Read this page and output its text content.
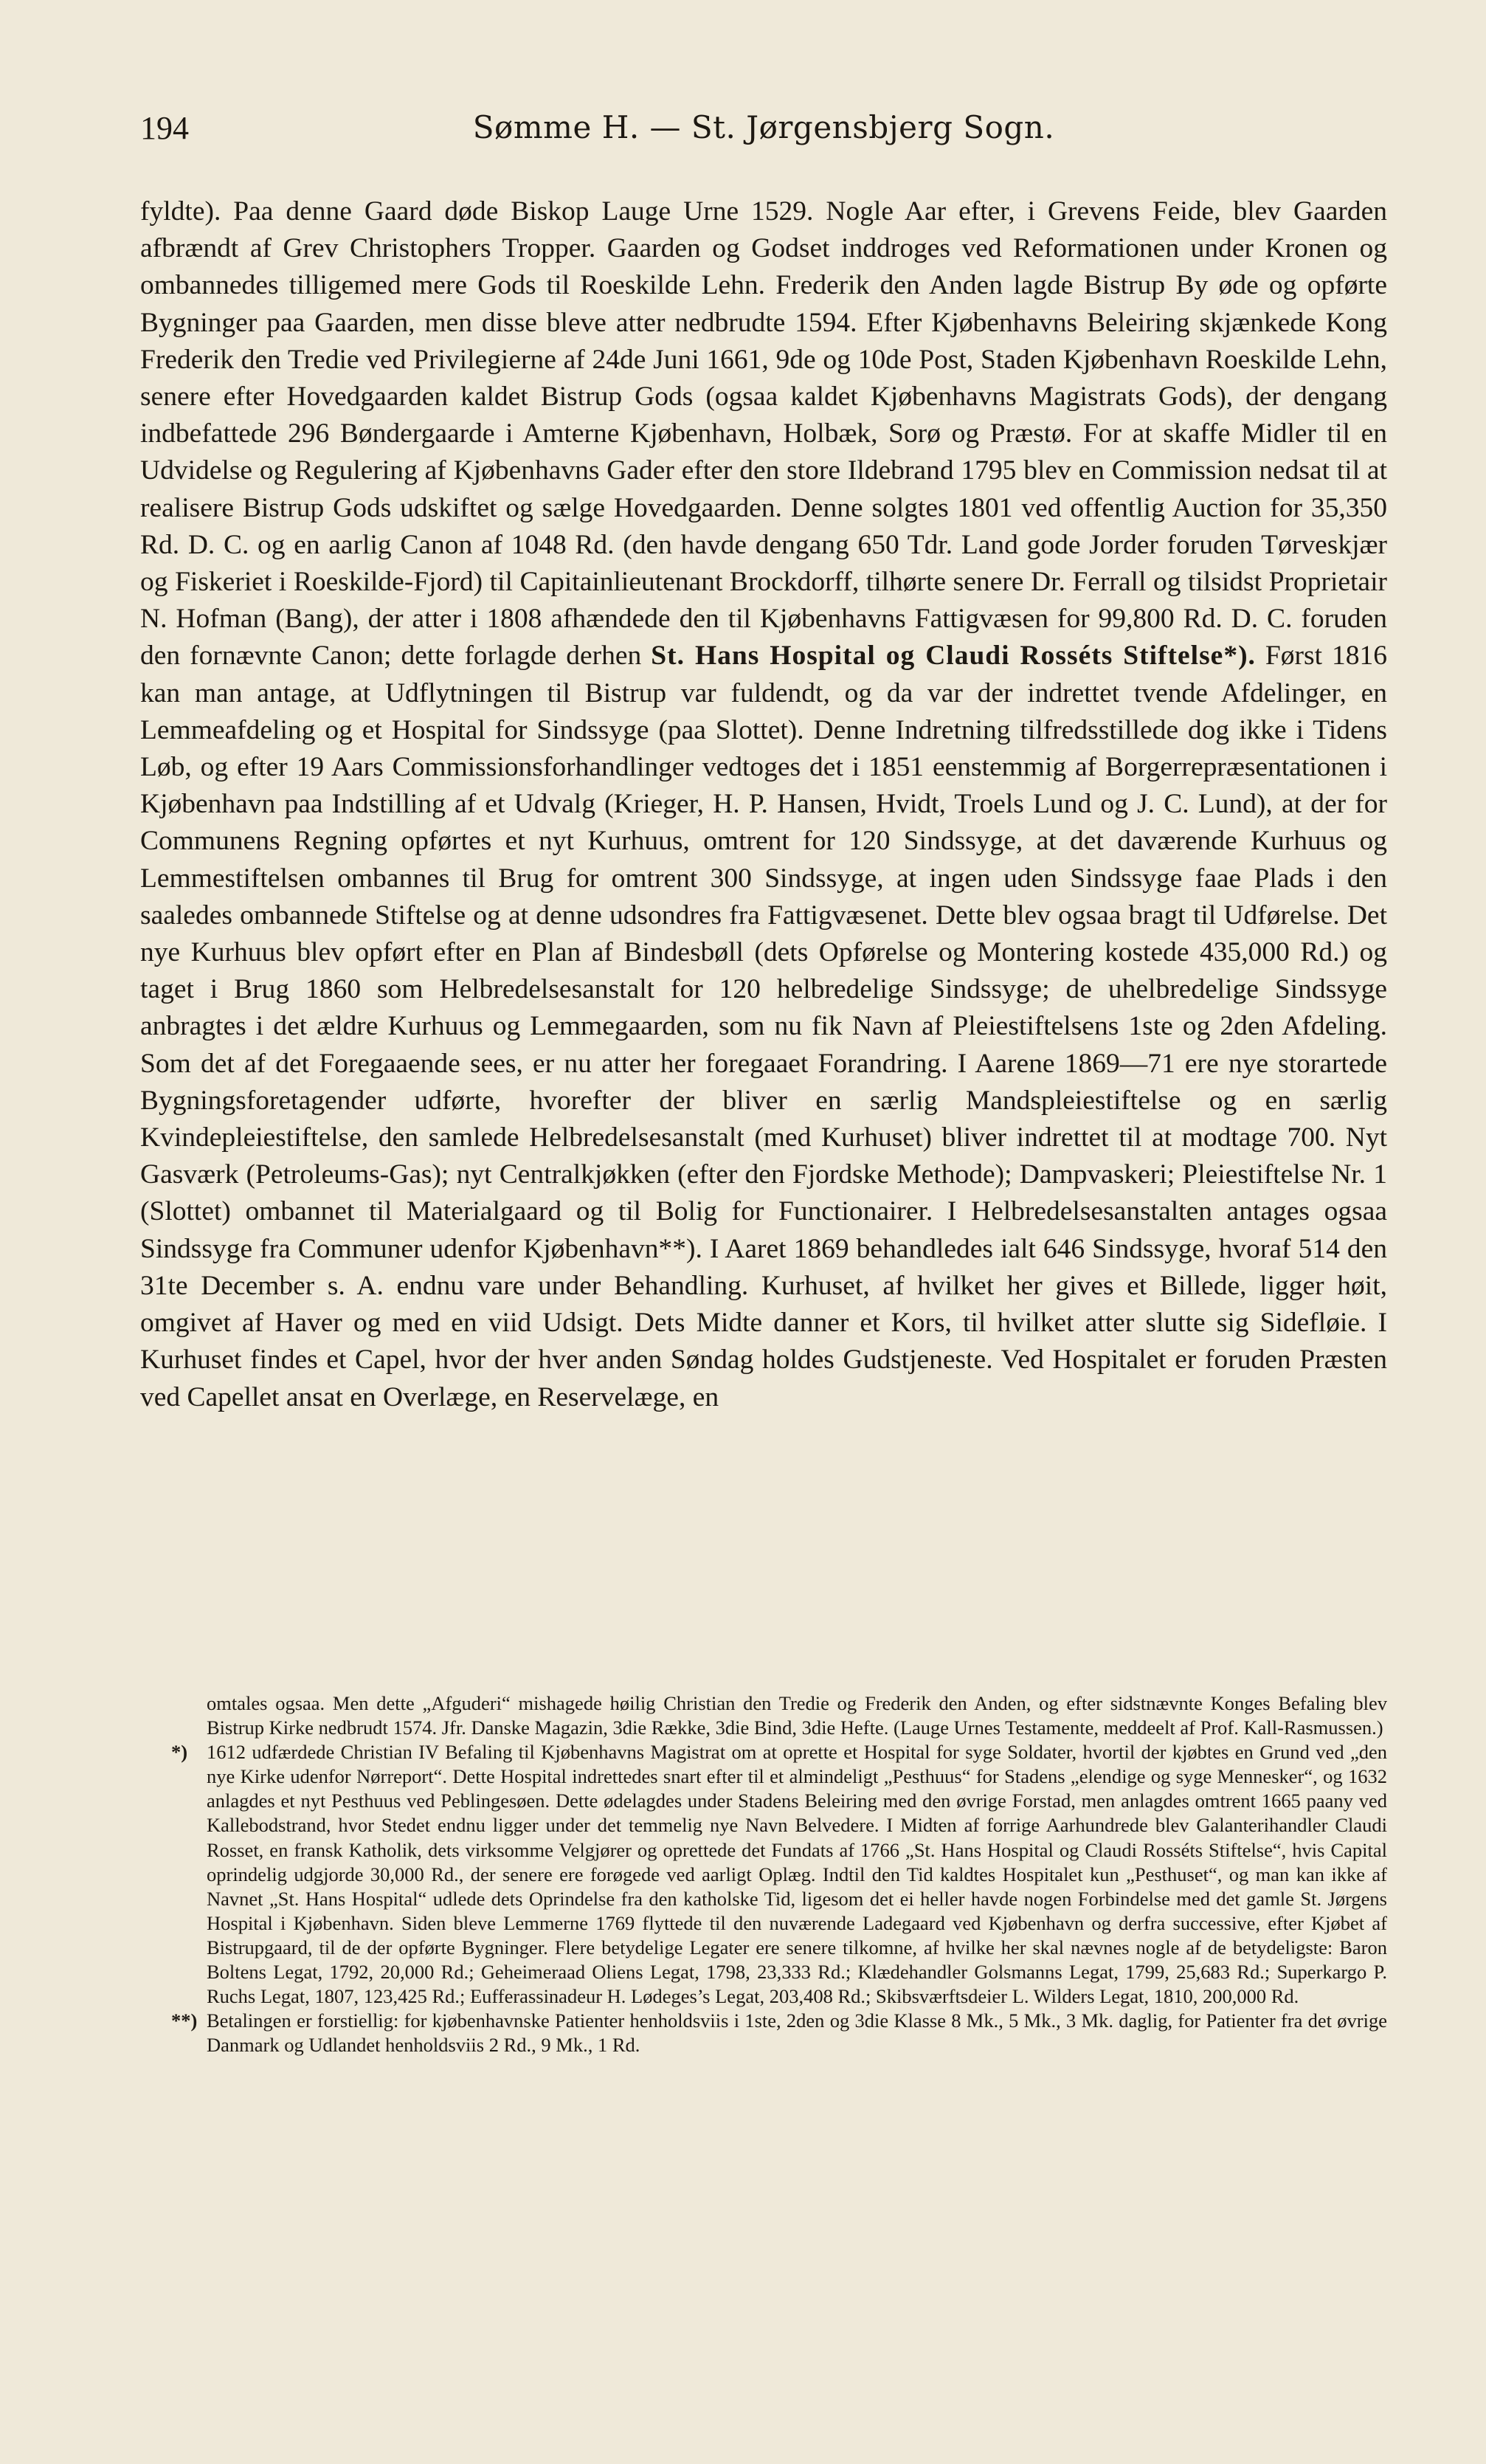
194	Sømme H. — St. Jørgensbjerg Sogn.

fyldte). Paa denne Gaard døde Biskop Lauge Urne 1529. Nogle Aar efter, i Grevens Feide, blev Gaarden afbrændt af Grev Christophers Tropper. Gaarden og Godset inddroges ved Reformationen under Kronen og ombannedes tilligemed mere Gods til Roeskilde Lehn. Frederik den Anden lagde Bistrup By øde og opførte Bygninger paa Gaarden, men disse bleve atter nedbrudte 1594. Efter Kjøbenhavns Beleiring skjænkede Kong Frederik den Tredie ved Privilegierne af 24de Juni 1661, 9de og 10de Post, Staden Kjøbenhavn Roeskilde Lehn, senere efter Hovedgaarden kaldet Bistrup Gods (ogsaa kaldet Kjøbenhavns Magistrats Gods), der dengang indbefattede 296 Bøndergaarde i Amterne Kjøbenhavn, Holbæk, Sorø og Præstø. For at skaffe Midler til en Udvidelse og Regulering af Kjøbenhavns Gader efter den store Ildebrand 1795 blev en Commission nedsat til at realisere Bistrup Gods udskiftet og sælge Hovedgaarden. Denne solgtes 1801 ved offentlig Auction for 35,350 Rd. D. C. og en aarlig Canon af 1048 Rd. (den havde dengang 650 Tdr. Land gode Jorder foruden Tørveskjær og Fiskeriet i Roeskilde-Fjord) til Capitainlieutenant Brockdorff, tilhørte senere Dr. Ferrall og tilsidst Proprietair N. Hofman (Bang), der atter i 1808 afhændede den til Kjøbenhavns Fattigvæsen for 99,800 Rd. D. C. foruden den fornævnte Canon; dette forlagde derhen St. Hans Hospital og Claudi Rosséts Stiftelse*). Først 1816 kan man antage, at Udflytningen til Bistrup var fuldendt, og da var der indrettet tvende Afdelinger, en Lemmeafdeling og et Hospital for Sindssyge (paa Slottet). Denne Indretning tilfredsstillede dog ikke i Tidens Løb, og efter 19 Aars Commissionsforhandlinger vedtoges det i 1851 eenstemmig af Borgerrepræsentationen i Kjøbenhavn paa Indstilling af et Udvalg (Krieger, H. P. Hansen, Hvidt, Troels Lund og J. C. Lund), at der for Communens Regning opførtes et nyt Kurhuus, omtrent for 120 Sindssyge, at det daværende Kurhuus og Lemmestiftelsen ombannes til Brug for omtrent 300 Sindssyge, at ingen uden Sindssyge faae Plads i den saaledes ombannede Stiftelse og at denne udsondres fra Fattigvæsenet. Dette blev ogsaa bragt til Udførelse. Det nye Kurhuus blev opført efter en Plan af Bindesbøll (dets Opførelse og Montering kostede 435,000 Rd.) og taget i Brug 1860 som Helbredelsesanstalt for 120 helbredelige Sindssyge; de uhelbredelige Sindssyge anbragtes i det ældre Kurhuus og Lemmegaarden, som nu fik Navn af Pleiestiftelsens 1ste og 2den Afdeling. Som det af det Foregaaende sees, er nu atter her foregaaet Forandring. I Aarene 1869—71 ere nye storartede Bygningsforetagender udførte, hvorefter der bliver en særlig Mandspleiestiftelse og en særlig Kvindepleiestiftelse, den samlede Helbredelsesanstalt (med Kurhuset) bliver indrettet til at modtage 700. Nyt Gasværk (Petroleums-Gas); nyt Centralkjøkken (efter den Fjordske Methode); Dampvaskeri; Pleiestiftelse Nr. 1 (Slottet) ombannet til Materialgaard og til Bolig for Functionairer. I Helbredelsesanstalten antages ogsaa Sindssyge fra Communer udenfor Kjøbenhavn**). I Aaret 1869 behandledes ialt 646 Sindssyge, hvoraf 514 den 31te December s. A. endnu vare under Behandling. Kurhuset, af hvilket her gives et Billede, ligger høit, omgivet af Haver og med en viid Udsigt. Dets Midte danner et Kors, til hvilket atter slutte sig Sidefløie. I Kurhuset findes et Capel, hvor der hver anden Søndag holdes Gudstjeneste. Ved Hospitalet er foruden Præsten ved Capellet ansat en Overlæge, en Reservelæge, en

omtales ogsaa. Men dette „Afguderi“ mishagede høilig Christian den Tredie og Frederik den Anden, og efter sidstnævnte Konges Befaling blev Bistrup Kirke nedbrudt 1574. Jfr. Danske Magazin, 3die Række, 3die Bind, 3die Hefte. (Lauge Urnes Testamente, meddeelt af Prof. Kall-Rasmussen.)

*) 1612 udfærdede Christian IV Befaling til Kjøbenhavns Magistrat om at oprette et Hospital for syge Soldater, hvortil der kjøbtes en Grund ved „den nye Kirke udenfor Nørreport“. Dette Hospital indrettedes snart efter til et almindeligt „Pesthuus“ for Stadens „elendige og syge Mennesker“, og 1632 anlagdes et nyt Pesthuus ved Peblingesøen. Dette ødelagdes under Stadens Beleiring med den øvrige Forstad, men anlagdes omtrent 1665 paany ved Kallebodstrand, hvor Stedet endnu ligger under det temmelig nye Navn Belvedere. I Midten af forrige Aarhundrede blev Galanterihandler Claudi Rosset, en fransk Katholik, dets virksomme Velgjører og oprettede det Fundats af 1766 „St. Hans Hospital og Claudi Rosséts Stiftelse“, hvis Capital oprindelig udgjorde 30,000 Rd., der senere ere forøgede ved aarligt Oplæg. Indtil den Tid kaldtes Hospitalet kun „Pesthuset“, og man kan ikke af Navnet „St. Hans Hospital“ udlede dets Oprindelse fra den katholske Tid, ligesom det ei heller havde nogen Forbindelse med det gamle St. Jørgens Hospital i Kjøbenhavn. Siden bleve Lemmerne 1769 flyttede til den nuværende Ladegaard ved Kjøbenhavn og derfra successive, efter Kjøbet af Bistrupgaard, til de der opførte Bygninger. Flere betydelige Legater ere senere tilkomne, af hvilke her skal nævnes nogle af de betydeligste: Baron Boltens Legat, 1792, 20,000 Rd.; Geheimeraad Oliens Legat, 1798, 23,333 Rd.; Klædehandler Golsmanns Legat, 1799, 25,683 Rd.; Superkargo P. Ruchs Legat, 1807, 123,425 Rd.; Eufferassinadeur H. Lødeges’s Legat, 203,408 Rd.; Skibsværftsdeier L. Wilders Legat, 1810, 200,000 Rd.

**) Betalingen er forstiellig: for kjøbenhavnske Patienter henholdsviis i 1ste, 2den og 3die Klasse 8 Mk., 5 Mk., 3 Mk. daglig, for Patienter fra det øvrige Danmark og Udlandet henholdsviis 2 Rd., 9 Mk., 1 Rd.
